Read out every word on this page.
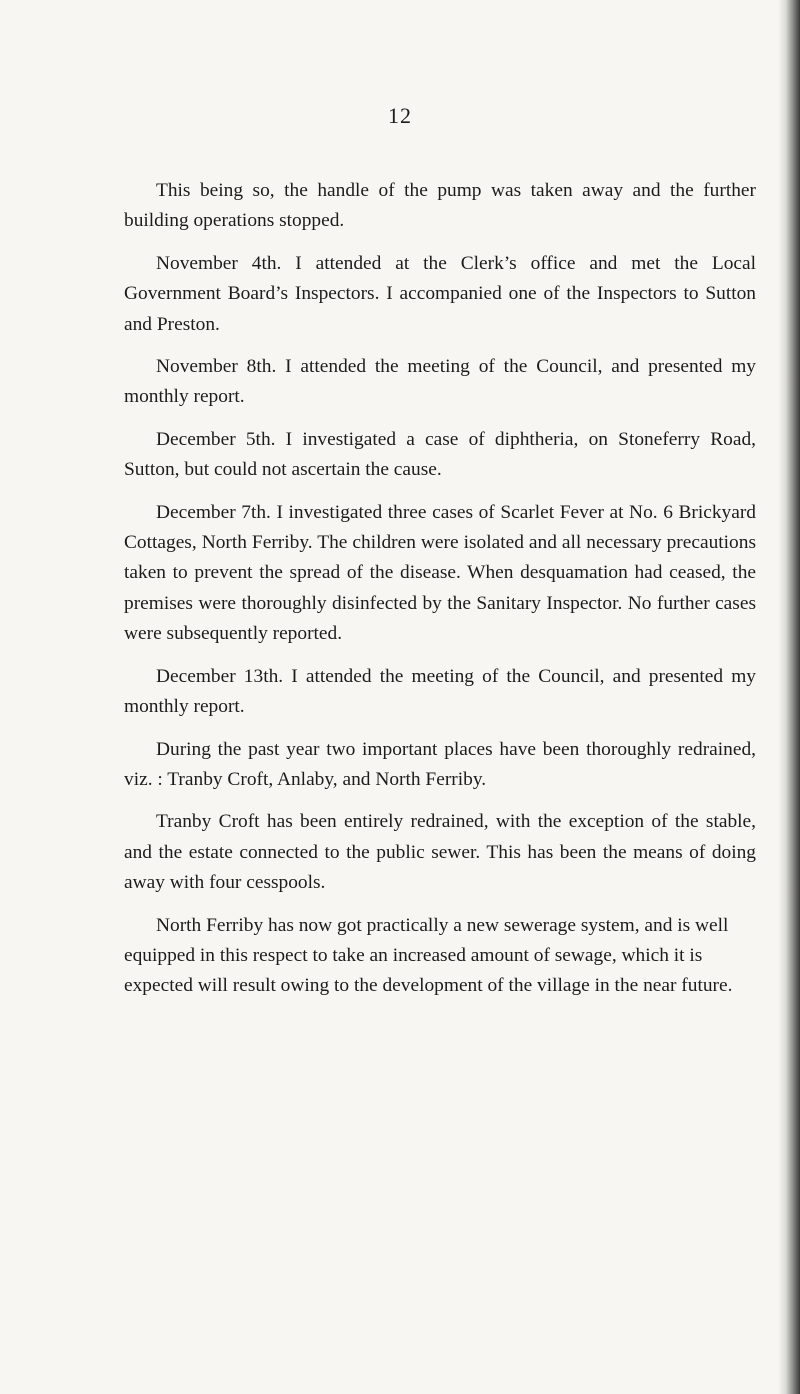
12

This being so, the handle of the pump was taken away and the further building operations stopped.

November 4th. I attended at the Clerk’s office and met the Local Government Board’s Inspectors. I accompanied one of the Inspectors to Sutton and Preston.

November 8th. I attended the meeting of the Council, and presented my monthly report.

December 5th. I investigated a case of diphtheria, on Stoneferry Road, Sutton, but could not ascertain the cause.

December 7th. I investigated three cases of Scarlet Fever at No. 6 Brickyard Cottages, North Ferriby. The children were isolated and all necessary precautions taken to prevent the spread of the disease. When desquamation had ceased, the premises were thoroughly disinfected by the Sanitary Inspector. No further cases were subsequently reported.

December 13th. I attended the meeting of the Council, and presented my monthly report.

During the past year two important places have been thoroughly redrained, viz. : Tranby Croft, Anlaby, and North Ferriby.

Tranby Croft has been entirely redrained, with the exception of the stable, and the estate connected to the public sewer. This has been the means of doing away with four cesspools.

North Ferriby has now got practically a new sewerage system, and is well equipped in this respect to take an increased amount of sewage, which it is expected will result owing to the development of the village in the near future.
